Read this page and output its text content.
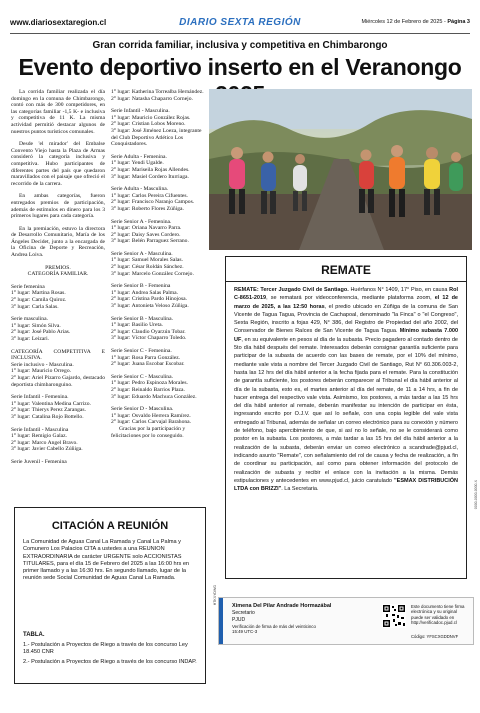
www.diariosextaregion.cl	DIARIO SEXTA REGIÓN	Miércoles 12 de Febrero de 2025 - Página 3
Gran corrida familiar, inclusiva y competitiva en Chimbarongo
Evento deportivo inserto en el Veranongo

La corrida familiar realizada el día domingo en la comuna de Chimbarongo, contó con más de 300 competidores, en las categorías familiar -1,5 K- e inclusiva y competitiva de 11 K. La misma actividad permitió destacar algunos de nuestros puntos turísticos comunales.

Desde 'el mirador' del Embalse Convento Viejo hasta la Plaza de Armas consideró la categoría inclusiva y competitiva. Hubo participantes de diferentes partes del país que quedaron maravillados con el paisaje que ofreció el recorrido de la carrera.

En ambas categorías, fueron entregados premios de participación, además de estímulos en dinero para los 3 primeros lugares para cada categoría.

En la premiación, estuvo la directora de Desarrollo Comunitario, María de los Ángeles Decidet, junto a la encargada de la Oficina de Deporte y Recreación, Andrea Loiva.

PREMIOS.
CATEGORÍA FAMILIAR.

Serie femenina
1° lugar: Martina Rosas.
2° lugar: Camila Quiroz.
3° lugar: Carla Salas.

Serie masculina.
1° lugar: Simón Silva.
2° lugar: José Pablo Arias.
3° lugar: Leizari.

CATEGORÍA COMPETITIVA E INCLUSIVA.
Serie inclusivo - Masculina.
1° lugar: Mauricio Orrego.
2° lugar: Ariel Pizarro Gajardo, destacado deportista chimbaronguino.

Serie Infantil - Femenina.
1° lugar: Valentina Medina Carrizo.
2° lugar: Thierys Perez Zarangas.
3° lugar: Catalina Rojo Bottello.

Serie Infantil - Masculina
1° lugar: Remigio Galaz.
2° lugar: Marco Angel Bravo.
3° lugar: Javier Cabello Zúñiga.

Serie Juvenil - Femenina

1° lugar: Katherina Torrealba Hernández.
2° lugar: Natasha Chaparro Cornejo.
Serie Infantil - Masculina.
1° lugar: Mauricio González Rojas.
2° lugar: Cristian Lobos Moreno.
3° lugar: José Jiménez Loeza, integrante del Club Deportivo Atlético Los Conquistadores.
Serie Adulta - Femenina.
1° lugar: Yendi Ugalde.
2° lugar: Mariseila Rojas Allendes.
3° lugar: Masiel Cordero Iturriaga.
Serie Adulta - Masculina.
1° lugar: Carlos Pereira Cifuentes.
2° lugar: Francisco Naranjo Campos.
3° lugar: Roberto Flores Zúñiga.
Serie Senior A - Femenina.
1° lugar: Oriana Navarro Parra.
2° lugar: Daisy Saves Cordero.
3° lugar: Belén Parraguez Serrano.
Serie Senior A - Masculina.
1° lugar: Samuel Morales Salas.
2° lugar: César Roldán Sánchez.
3° lugar: Marcelo González Cornejo.
Serie Senior B - Femenina
1° lugar: Andrea Salas Palma.
2° lugar: Cristina Pardo Hinojosa.
3° lugar: Antonieta Veloso Zúñiga.
Serie Senior B - Masculina.
1° lugar: Basilio Ureta.
2° lugar: Claudio Oyarzún Tobar.
3° lugar: Víctor Chaparro Toledo.
Serie Senior C - Femenina.
1° lugar: Rosa Parra González.
2° lugar: Juana Escobar Escobar.
Serie Senior C - Masculina.
1° lugar: Pedro Espinoza Morales.
2° lugar: Reinaldo Barrios Plaza.
3° lugar: Eduardo Machuca González.
Serie Senior D - Masculina.
1° lugar: Osvaldo Herrera Ramírez.
2° lugar: Carlos Carvajal Barahona.
Gracias por la participación y felicitaciones por lo conseguido.
REMATE
REMATE: Tercer Juzgado Civil de Santiago. Huérfanos N° 1409, 17° Piso, en causa Rol C-8651-2019, se rematará por videoconferencia, mediante plataforma zoom, el 12 de marzo de 2025, a las 12:50 horas, el predio ubicado en Zúñiga de la comuna de San Vicente de Tagua Tagua, Provincia de Cachapoal, denominado "la Finca" o "el Congreso", Sexta Región, inscrito a fojas 429, N° 386, del Registro de Propiedad del año 2002, del Conservador de Bienes Raíces de San Vicente de Tagua Tagua. Mínimo subasta 7.000 UF, en su equivalente en pesos al día de la subasta. Precio pagadero al contado dentro de 5to día hábil después del remate. Interesados deberán consignar garantía suficiente para participar de la subasta de acuerdo con las bases de remate, por el 10% del mínimo, mediante vale vista a nombre del Tercer Juzgado Civil de Santiago, Rut N° 60.306.003-2, hasta las 12 hrs del día hábil anterior a la fecha fijada para el remate. Para la constitución de garantía suficiente, los postores deberán comparecer al Tribunal el día hábil anterior al día de la subasta, esto es, el martes anterior al día del remate, de 11 a 14 hrs, a fin de hacer entrega del respectivo vale vista. Asimismo, los postores, a más tardar a las 15 hrs del día hábil anterior al remate, deberán manifestar su intención de participar en ésta, ingresando escrito por O.J.V. que así lo señale, con una copia legible del vale vista entregado al Tribunal, además de señalar un correo electrónico para su conexión y número de teléfono, bajo apercibimiento de que, si así no lo señale, no se le considerará como postor en la subasta. Los postores, a más tardar a las 15 hrs del día hábil anterior a la realización de la subasta, deberán enviar un correo electrónico a scandrade@pjud.cl, indicando asunto "Remate", con señalamiento del rol de causa y fecha de realización, a fin de coordinar su participación, así como para obtener información del protocolo de realización de subasta y recibir el enlace con la invitación a la misma. Demás estipulaciones y antecedentes en www.pjud.cl, juicio caratulado "ESMAX DISTRIBUCIÓN LTDA con BRIZZI". La Secretaria.	0000-0000-0000-X
HTKXYDWG
Ximena Del Pilar Andrade Hormazábal
Secretario
PJUD
Verificación de firma de más del veinticinco 15:49 UTC-3
Este documento tiene firma electrónica y su original puede ser validado en http://verificadoc.pjud.cl
Código: YFSCXGDDNVF
CITACIÓN A REUNIÓN
La Comunidad de Aguas Canal La Ramada y Canal La Palma y Comunero Los Palacios CITA a ustedes a una REUNION EXTRAORDINARIA de carácter URGENTE solo ACCIONISTAS TITULARES, para el día 15 de Febrero del 2025 a las 16:00 hrs en primer llamado y a las 16:30 hrs. En segundo llamado, lugar de la reunión sede Social Comunidad de Aguas Canal La Ramada.
TABLA.
1.- Postulación a Proyectos de Riego a través de los concurso Ley 18.450 CNR
2.- Postulación a Proyectos de Riego a través de los concurso INDAP.
